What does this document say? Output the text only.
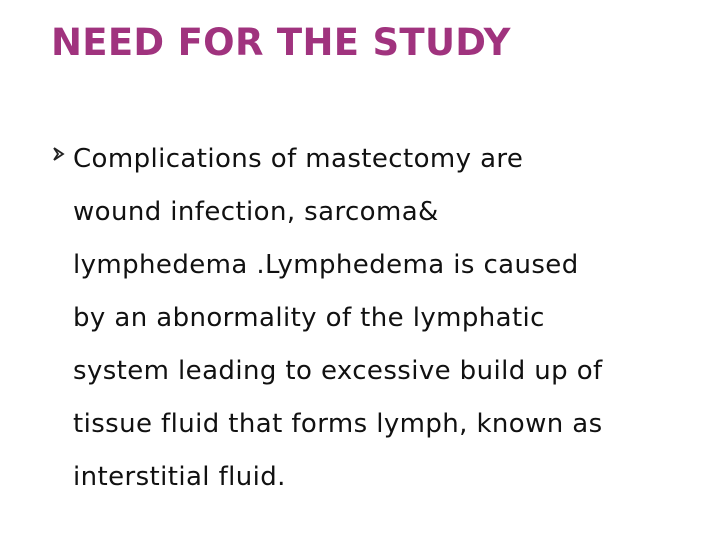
NEED FOR THE STUDY

Complications of mastectomy are
wound infection, sarcoma&
lymphedema .Lymphedema is caused
by an abnormality of the lymphatic
system leading to excessive build up of
tissue fluid that forms lymph, known as
interstitial fluid.
